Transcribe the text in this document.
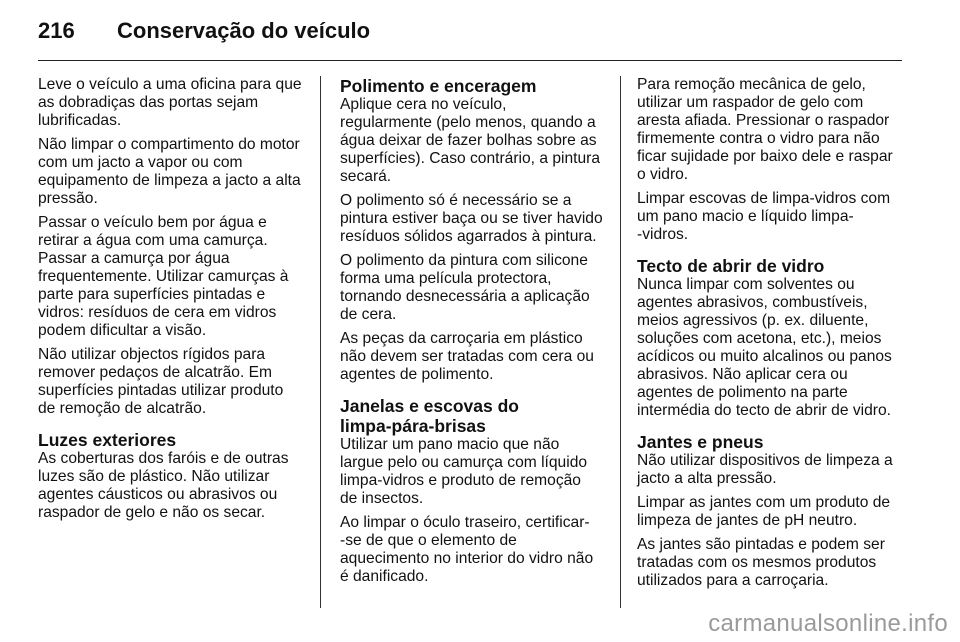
216 Conservação do veículo

Leve o veículo a uma oficina para que
as dobradiças das portas sejam
lubrificadas.

Não limpar o compartimento do motor
com um jacto a vapor ou com
equipamento de limpeza a jacto a alta
pressão.

Passar o veículo bem por água e
retirar a água com uma camurça.
Passar a camurça por água
frequentemente. Utilizar camurças à
parte para superfícies pintadas e
vidros: resíduos de cera em vidros
podem dificultar a visão.

Não utilizar objectos rígidos para
remover pedaços de alcatrão. Em
superfícies pintadas utilizar produto
de remoção de alcatrão.

Luzes exteriores

As coberturas dos faróis e de outras
luzes são de plástico. Não utilizar
agentes cáusticos ou abrasivos ou
raspador de gelo e não os secar.

Polimento e enceragem

Aplique cera no veículo,
regularmente (pelo menos, quando a
água deixar de fazer bolhas sobre as
superfícies). Caso contrário, a pintura
secará.

O polimento só é necessário se a
pintura estiver baça ou se tiver havido
resíduos sólidos agarrados à pintura.

O polimento da pintura com silicone
forma uma película protectora,
tornando desnecessária a aplicação
de cera.

As peças da carroçaria em plástico
não devem ser tratadas com cera ou
agentes de polimento.

Janelas e escovas do
limpa-pára-brisas

Utilizar um pano macio que não
largue pelo ou camurça com líquido
limpa-vidros e produto de remoção
de insectos.

Ao limpar o óculo traseiro, certificar-
-se de que o elemento de
aquecimento no interior do vidro não
é danificado.

Para remoção mecânica de gelo,
utilizar um raspador de gelo com
aresta afiada. Pressionar o raspador
firmemente contra o vidro para não
ficar sujidade por baixo dele e raspar
o vidro.

Limpar escovas de limpa-vidros com
um pano macio e líquido limpa-
-vidros.

Tecto de abrir de vidro

Nunca limpar com solventes ou
agentes abrasivos, combustíveis,
meios agressivos (p. ex. diluente,
soluções com acetona, etc.), meios
acídicos ou muito alcalinos ou panos
abrasivos. Não aplicar cera ou
agentes de polimento na parte
intermédia do tecto de abrir de vidro.

Jantes e pneus

Não utilizar dispositivos de limpeza a
jacto a alta pressão.

Limpar as jantes com um produto de
limpeza de jantes de pH neutro.

As jantes são pintadas e podem ser
tratadas com os mesmos produtos
utilizados para a carroçaria.

carmanualsonline.info
